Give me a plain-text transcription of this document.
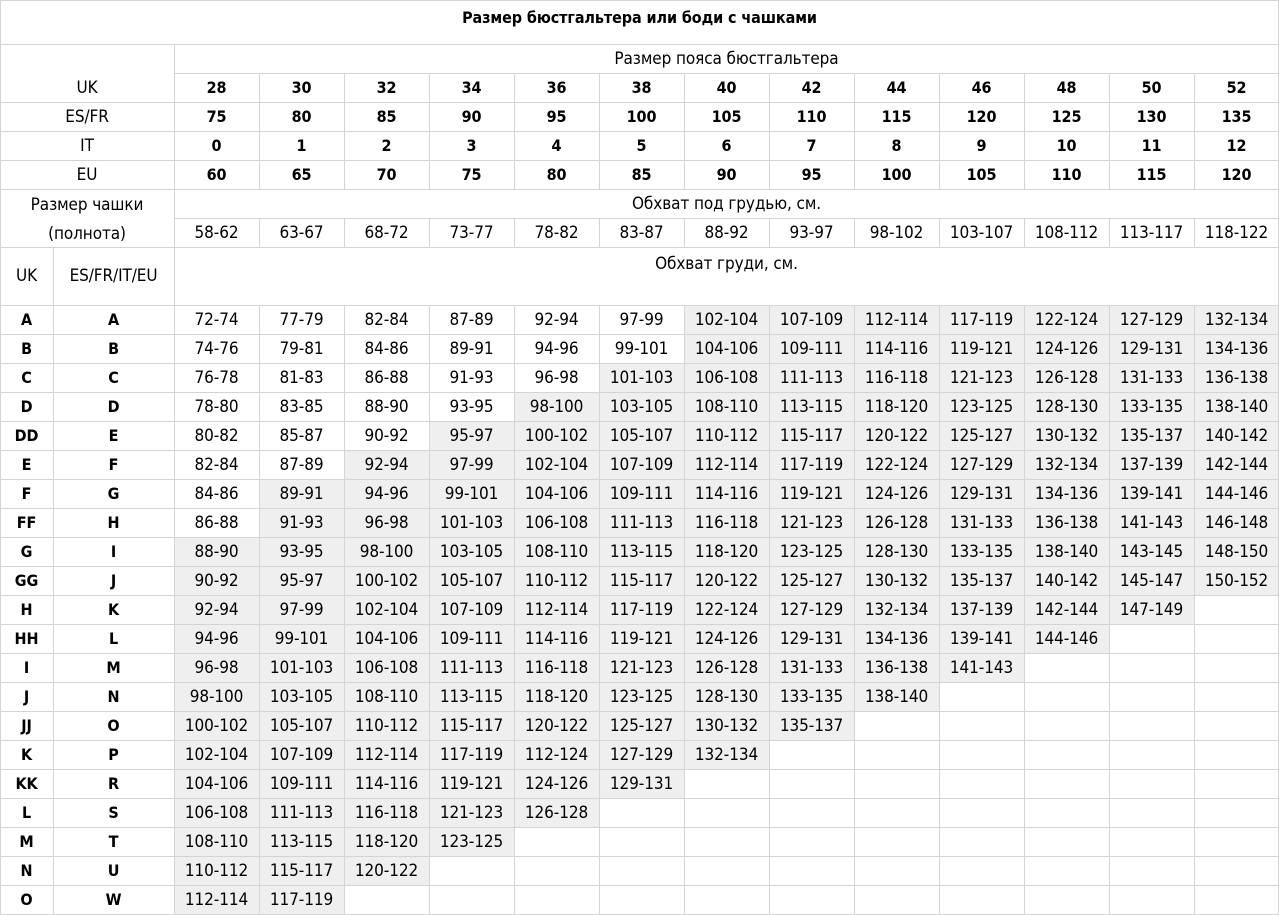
Размер бюстгальтера или боди с чашками
Размер пояса бюстгальтера
UK	28	30	32	34	36	38	40	42	44	46	48	50	52
ES/FR	75	80	85	90	95	100	105	110	115	120	125	130	135
IT	0	1	2	3	4	5	6	7	8	9	10	11	12
EU	60	65	70	75	80	85	90	95	100	105	110	115	120
Размер чашки
(полнота)
Обхват под грудью, см.
58-62	63-67	68-72	73-77	78-82	83-87	88-92	93-97	98-102	103-107	108-112	113-117	118-122
UK	ES/FR/IT/EU
Обхват груди, см.
A	A	72-74	77-79	82-84	87-89	92-94	97-99	102-104	107-109	112-114	117-119	122-124	127-129	132-134
B	B	74-76	79-81	84-86	89-91	94-96	99-101	104-106	109-111	114-116	119-121	124-126	129-131	134-136
C	C	76-78	81-83	86-88	91-93	96-98	101-103	106-108	111-113	116-118	121-123	126-128	131-133	136-138
D	D	78-80	83-85	88-90	93-95	98-100	103-105	108-110	113-115	118-120	123-125	128-130	133-135	138-140
DD	E	80-82	85-87	90-92	95-97	100-102	105-107	110-112	115-117	120-122	125-127	130-132	135-137	140-142
E	F	82-84	87-89	92-94	97-99	102-104	107-109	112-114	117-119	122-124	127-129	132-134	137-139	142-144
F	G	84-86	89-91	94-96	99-101	104-106	109-111	114-116	119-121	124-126	129-131	134-136	139-141	144-146
FF	H	86-88	91-93	96-98	101-103	106-108	111-113	116-118	121-123	126-128	131-133	136-138	141-143	146-148
G	I	88-90	93-95	98-100	103-105	108-110	113-115	118-120	123-125	128-130	133-135	138-140	143-145	148-150
GG	J	90-92	95-97	100-102	105-107	110-112	115-117	120-122	125-127	130-132	135-137	140-142	145-147	150-152
H	K	92-94	97-99	102-104	107-109	112-114	117-119	122-124	127-129	132-134	137-139	142-144	147-149
HH	L	94-96	99-101	104-106	109-111	114-116	119-121	124-126	129-131	134-136	139-141	144-146
I	M	96-98	101-103	106-108	111-113	116-118	121-123	126-128	131-133	136-138	141-143
J	N	98-100	103-105	108-110	113-115	118-120	123-125	128-130	133-135	138-140
JJ	O	100-102	105-107	110-112	115-117	120-122	125-127	130-132	135-137
K	P	102-104	107-109	112-114	117-119	112-124	127-129	132-134
KK	R	104-106	109-111	114-116	119-121	124-126	129-131
L	S	106-108	111-113	116-118	121-123	126-128
M	T	108-110	113-115	118-120	123-125
N	U	110-112	115-117	120-122
O	W	112-114	117-119
